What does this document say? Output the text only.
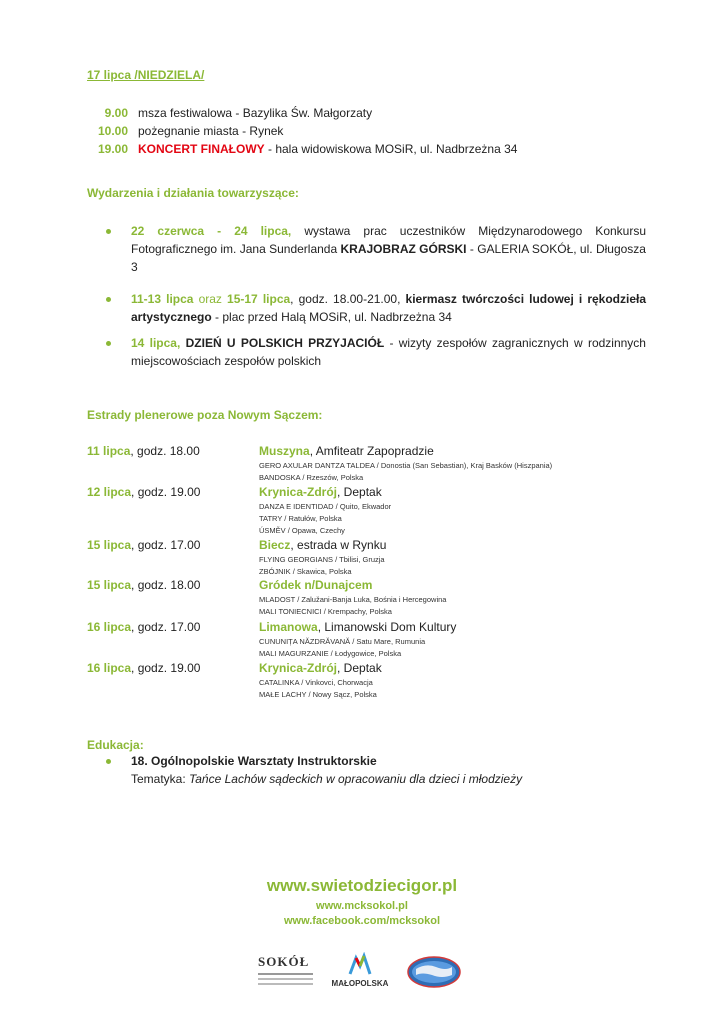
17 lipca /NIEDZIELA/
9.00 msza festiwalowa - Bazylika Św. Małgorzaty
10.00 pożegnanie miasta - Rynek
19.00 KONCERT FINAŁOWY - hala widowiskowa MOSiR, ul. Nadbrzeżna 34
Wydarzenia i działania towarzyszące:
22 czerwca - 24 lipca, wystawa prac uczestników Międzynarodowego Konkursu Fotograficznego im. Jana Sunderlanda KRAJOBRAZ GÓRSKI - GALERIA SOKÓŁ, ul. Długosza 3
11-13 lipca oraz 15-17 lipca, godz. 18.00-21.00, kiermasz twórczości ludowej i rękodzieła artystycznego - plac przed Halą MOSiR, ul. Nadbrzeżna 34
14 lipca, DZIEŃ U POLSKICH PRZYJACIÓŁ - wizyty zespołów zagranicznych w rodzinnych miejscowościach zespołów polskich
Estrady plenerowe poza Nowym Sączem:
11 lipca, godz. 18.00	Muszyna, Amfiteatr Zapopradzie
GERO AXULAR DANTZA TALDEA / Donostia (San Sebastian), Kraj Basków (Hiszpania)
BANDOSKA / Rzeszów, Polska
12 lipca, godz. 19.00	Krynica-Zdrój, Deptak
DANZA E IDENTIDAD / Quito, Ekwador
TATRY / Ratułów, Polska
ÚSMĚV / Opawa, Czechy
15 lipca, godz. 17.00	Biecz, estrada w Rynku
FLYING GEORGIANS / Tbilisi, Gruzja
ZBÓJNIK / Skawica, Polska
15 lipca, godz. 18.00	Gródek n/Dunajcem
MLADOST / Zalužani-Banja Luka, Bośnia i Hercegowina
MALI TONIECNICI / Krempachy, Polska
16 lipca, godz. 17.00	Limanowa, Limanowski Dom Kultury
CUNUNIȚA NĂZDRĂVANĂ / Satu Mare, Rumunia
MALI MAGURZANIE / Łodygowice, Polska
16 lipca, godz. 19.00	Krynica-Zdrój, Deptak
CATALINKA / Vinkovci, Chorwacja
MAŁE LACHY / Nowy Sącz, Polska
Edukacja:
18. Ogólnopolskie Warsztaty Instruktorskie
Tematyka: Tańce Lachów sądeckich w opracowaniu dla dzieci i młodzieży
www.swietodziecigor.pl
www.mcksokol.pl
www.facebook.com/mcksokol
SOKÓŁ
MAŁOPOLSKA
